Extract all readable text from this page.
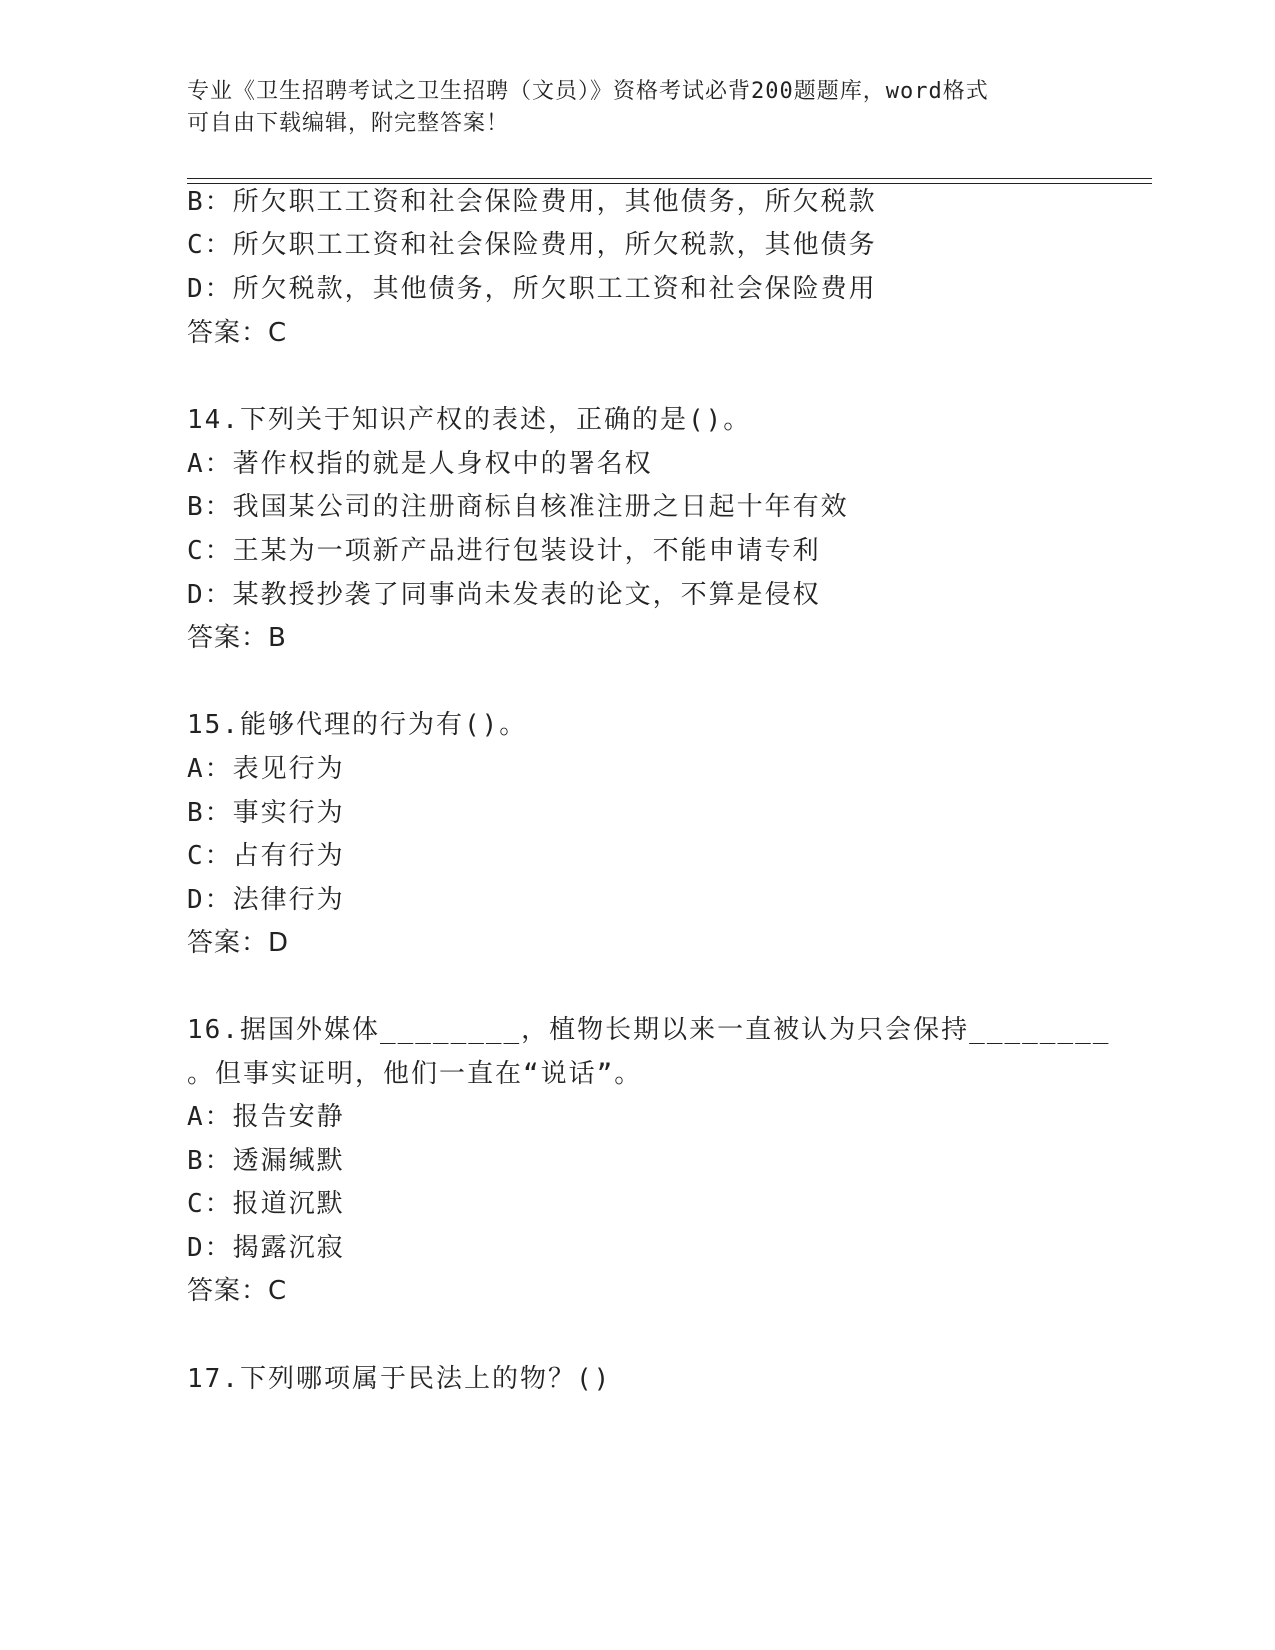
专业《卫生招聘考试之卫生招聘（文员）》资格考试必背200题题库，word格式
可自由下载编辑，附完整答案！
B：所欠职工工资和社会保险费用，其他债务，所欠税款
C：所欠职工工资和社会保险费用，所欠税款，其他债务
D：所欠税款，其他债务，所欠职工工资和社会保险费用
答案：C
14.下列关于知识产权的表述，正确的是()。
A：著作权指的就是人身权中的署名权
B：我国某公司的注册商标自核准注册之日起十年有效
C：王某为一项新产品进行包装设计，不能申请专利
D：某教授抄袭了同事尚未发表的论文，不算是侵权
答案：B
15.能够代理的行为有()。
A：表见行为
B：事实行为
C：占有行为
D：法律行为
答案：D
16.据国外媒体________，植物长期以来一直被认为只会保持________
。但事实证明，他们一直在“说话”。
A：报告安静
B：透漏缄默
C：报道沉默
D：揭露沉寂
答案：C
17.下列哪项属于民法上的物？()
